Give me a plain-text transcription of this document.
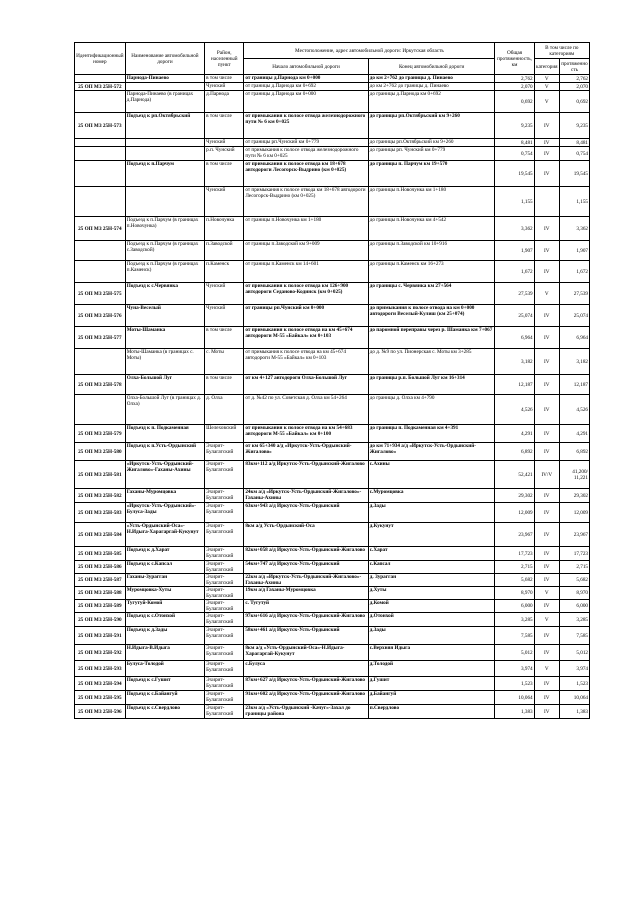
Идентификационный номер	Наименование автомобильной дороги	Район, населенный пункт	Местоположение, адрес автомобильной дороги: Иркутская область		Общая протяженность, км	В том числе по категориям	
			Начало автомобильной дороги	Конец автомобильной дороги		категория	протяженность
	Парнода-Пинаево	в том числе	от границы д.Парнода км 0+000	до км 2+762 до границы д. Пинаево	2,762	V	2,762
25 ОП МЗ 25Н-572		Чунский	от границы д.Парнода км 0+692	до км 2+762 до границы д. Пинаево	2,070	V	2,070
	Парнода-Пинаево (в границах д.Парнода)	д.Парнода	от границы д.Парнода км 0+000	до границы д.Парнода км 0+692	0,692	V	0,692
25 ОП МЗ 25Н-573	Подъезд к рп.Октябрьский	в том числе	от примыкания к полосе отвода железнодорожного пути № 6 км 0+025	до границы рп.Октябрьский км 9+260	9,235	IV	9,235
		Чунский	от границы рп.Чунский км 0+779	до границы рп.Октябрьский км 9+260	8,481	IV	8,481
		р.п. Чунский	от примыкания к полосе отвода железнодорожного пути № 6 км 0+025	до границы рп. Чунский км 0+779	0,754	IV	0,754
	Подъезд к п.Парчум	в том числе	от примыкания к полосе отвода км 18+678 автодороги Лесогорск-Выдрино (км 0+025)	до границы п. Парчум км 19+570	19,545	IV	19,545
		Чунский	от примыкания к полосе отвода км 18+678 автодороги Лесогорск-Выдрино (км 0+025)	до границы п.Новочунка км 1+180	1,155		1,155
25 ОП МЗ 25Н-574	Подъезд к п.Парчум (в границах п.Новочунка)	п.Новочунка	от границы п.Новочунка км 1+180	до границы п.Новочунка км 4+542	3,362	IV	3,362
	Подъезд к п.Парчум (в границах с.Заводской)	п.Заводской	от границы п.Заводской км 9+009	до границы п.Заводской км 10+916	1,907	IV	1,907
	Подъезд к п.Парчум (в границах п.Каменск)	п.Каменск	от границы п.Каменск км 14+601	до границы п.Каменск км 16+273	1,672	IV	1,672
25 ОП МЗ 25Н-575	Подъезд к с.Червянка	Чунский	от примыкания к полосе отвода км 126+900 автодороги Седаново-Кодинск (км 0+025)	до границы с. Червянка км 27+564	27,539	V	27,539
25 ОП МЗ 25Н-576	Чуна-Веселый	Чунский	от границы рп.Чунский км 0+000	до примыкания к полосе отвода на км 0+000 автодороги Веселый-Кулиш (км 25+074)	25,074	IV	25,074
25 ОП МЗ 25Н-577	Моты-Шаманка	в том числе	от примыкания к полосе отвода на км 45+674 автодороги М-55 «Байкал» км 0+103	до паромной переправы через р. Шаманка км 7+067	6,964	IV	6,964
	Моты-Шаманка (в границах с. Моты)	с. Моты	от примыкания к полосе отвода на км 45+674 автодороги М-55 «Байкал» км 0+103	до д. №9 по ул. Пионерская с. Моты км 3+285	3,182	IV	3,182
25 ОП МЗ 25Н-578	Олха-Большой Луг	в том числе	от км 4+127 автодороги Олха-Большой Луг	до границы р.п. Большой Луг км 16+314	12,187	IV	12,187
	Олха-Большой Луг (в границах д. Олха)	д. Олха	от д. №42 по ул. Советская д. Олха км 54+264	до границы д. Олха км 4+790	4,526	IV	4,526
25 ОП МЗ 25Н-579	Подъезд к п. Подкаменная	Шелеховский	от примыкания к полосе отвода на км 54+683 автодороги М-55 «Байкал» км 0+100	до границы п. Подкаменная км 4+391	4,291	IV	4,291
25 ОП МЗ 25Н-580	Подъезд к п.Усть-Ордынский	Эхирит-Булагатский	от км 65+340 а/д «Иркутск-Усть-Ордынский-Жигалово»	до км 71+934 а/д «Иркутск-Усть-Ордынский-Жигалово»	6,892	IV	6,892
25 ОП МЗ 25Н-581	«Иркутск-Усть-Ордынский-Жигалово»-Гаханы-Ахины	Эхирит-Булагатский	83км+112 а/д Иркутск-Усть-Ордынский-Жигалово	с.Ахины	52,421	IV/V	41,200/ 11,221
25 ОП МЗ 25Н-582	Гаханы-Муромцовка	Эхирит-Булагатский	24км а/д «Иркутск-Усть-Ордынский-Жигалово»-Гаханы-Ахины	с.Муромцовка	29,302	IV	29,302
25 ОП МЗ 25Н-583	«Иркутск-Усть-Ордынский»-Булуса-Зады	Эхирит-Булагатский	63км+943 а/д Иркутск-Усть-Ордынский	д.Зады	12,009	IV	12,009
25 ОП МЗ 25Н-584	«Усть-Ордынский-Оса»-Н.Идыга-Харагаргай-Кукунут	Эхирит-Булагатский	8км а/д Усть-Ордынский-Оса	д.Кукунут	23,967	IV	23,967
25 ОП МЗ 25Н-585	Подъезд к д.Харат	Эхирит-Булагатский	82км+058 а/д Иркутск-Усть-Ордынский-Жигалово	с.Харат	17,723	IV	17,723
25 ОП МЗ 25Н-586	Подъезд к с.Капсал	Эхирит-Булагатский	54км+747 а/д Иркутск-Усть-Ордынский	с.Капсал	2,715	IV	2,715
25 ОП МЗ 25Н-587	Гаханы-Зурагган	Эхирит-Булагатский	22км а/д «Иркутск-Усть-Ордынский-Жигалово»-Гаханы-Ахины	д. Зурагган	5,682	IV	5,682
25 ОП МЗ 25Н-588	Муромцовка-Хуты	Эхирит-Булагатский	19км а/д Гаханы-Муромцовка	д.Хуты	8,970	V	8,970
25 ОП МЗ 25Н-589	Тугутуй-Комой	Эхирит-Булагатский	с. Тугутуй	д.Комой	6,000	IV	6,000
25 ОП МЗ 25Н-590	Подъезд к с.Отонхой	Эхирит-Булагатский	97км+616 а/д Иркутск-Усть-Ордынский-Жигалово	д.Отонхой	3,285	V	3,285
25 ОП МЗ 25Н-591	Подъезд к д.Зады	Эхирит-Булагатский	58км+461 а/д Иркутск-Усть-Ордынский	д.Зады	7,585	IV	7,585
25 ОП МЗ 25Н-592	Н.Идыга-В.Идыга	Эхирит-Булагатский	8км а/д «Усть-Ордынский-Оса»-Н.Идыга-Харагаргай-Кукунут	с.Верхняя Идыга	5,012	IV	5,012
25 ОП МЗ 25Н-593	Булуса-Толодой	Эхирит-Булагатский	с.Булуса	д.Толодой	3,974	V	3,974
25 ОП МЗ 25Н-594	Подъезд к с.Гушит	Эхирит-Булагатский	87км+627 а/д Иркутск-Усть-Ордынский-Жигалово	д.Гушит	1,523	IV	1,523
25 ОП МЗ 25Н-595	Подъезд к с.Байангуй	Эхирит-Булагатский	91км+602 а/д Иркутск-Усть-Ордынский-Жигалово	д.Байангуй	10,064	IV	10,064
25 ОП МЗ 25Н-596	Подъезд к с.Свердлово	Эхирит-Булагатский	23км а/д «Усть-Ордынский -Качуг»-Захал до границы района	п.Свердлово	1,383	IV	1,383
